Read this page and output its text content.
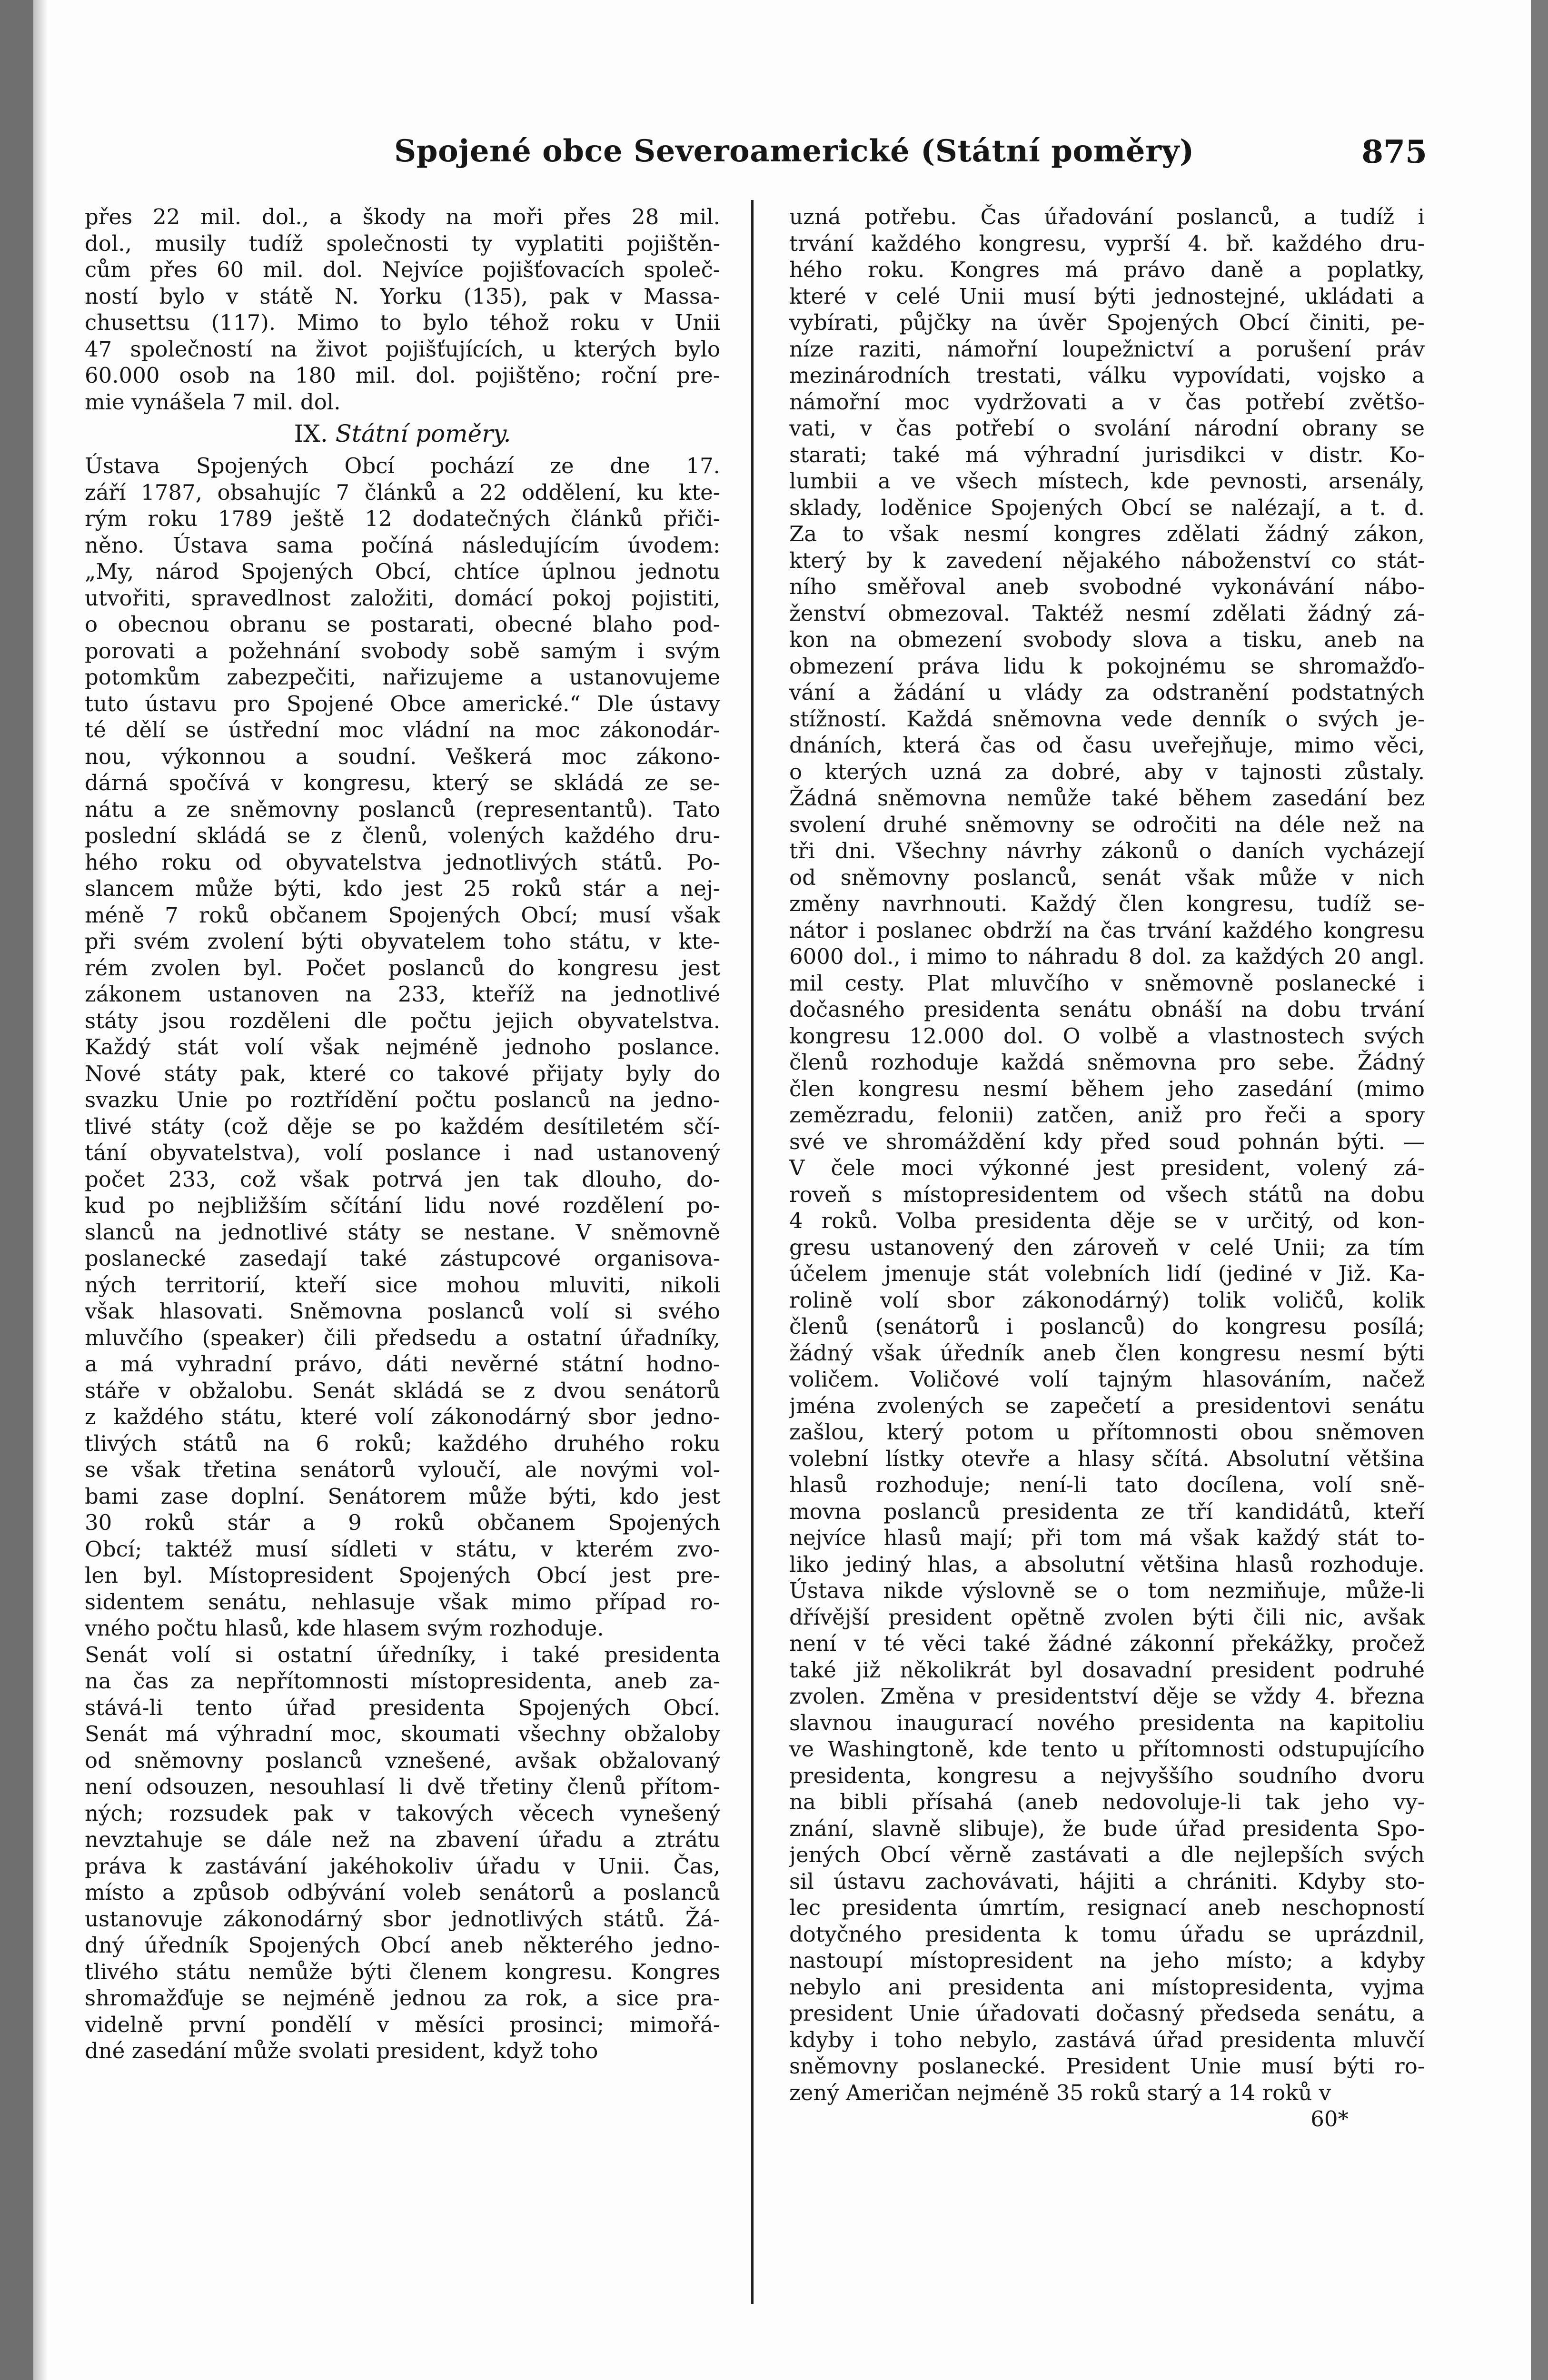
Spojené obce Severoamerické (Státní poměry)	875
přes 22 mil. dol., a škody na moři přes 28 mil.
dol., musily tudíž společnosti ty vyplatiti pojištěn-
cům přes 60 mil. dol. Nejvíce pojišťovacích společ-
ností bylo v státě N. Yorku (135), pak v Massa-
chusettsu (117). Mimo to bylo téhož roku v Unii
47 společností na život pojišťujících, u kterých bylo
60.000 osob na 180 mil. dol. pojištěno; roční pre-
mie vynášela 7 mil. dol.
IX. Státní poměry.
Ústava Spojených Obcí pochází ze dne 17.
září 1787, obsahujíc 7 článků a 22 oddělení, ku kte-
rým roku 1789 ještě 12 dodatečných článků přiči-
něno. Ústava sama počíná následujícím úvodem:
„My, národ Spojených Obcí, chtíce úplnou jednotu
utvořiti, spravedlnost založiti, domácí pokoj pojistiti,
o obecnou obranu se postarati, obecné blaho pod-
porovati a požehnání svobody sobě samým i svým
potomkům zabezpečiti, nařizujeme a ustanovujeme
tuto ústavu pro Spojené Obce americké.“ Dle ústavy
té dělí se ústřední moc vládní na moc zákonodár-
nou, výkonnou a soudní. Veškerá moc zákono-
dárná spočívá v kongresu, který se skládá ze se-
nátu a ze sněmovny poslanců (representantů). Tato
poslední skládá se z členů, volených každého dru-
hého roku od obyvatelstva jednotlivých států. Po-
slancem může býti, kdo jest 25 roků stár a nej-
méně 7 roků občanem Spojených Obcí; musí však
při svém zvolení býti obyvatelem toho státu, v kte-
rém zvolen byl. Počet poslanců do kongresu jest
zákonem ustanoven na 233, kteříž na jednotlivé
státy jsou rozděleni dle počtu jejich obyvatelstva.
Každý stát volí však nejméně jednoho poslance.
Nové státy pak, které co takové přijaty byly do
svazku Unie po roztřídění počtu poslanců na jedno-
tlivé státy (což děje se po každém desítiletém sčí-
tání obyvatelstva), volí poslance i nad ustanovený
počet 233, což však potrvá jen tak dlouho, do-
kud po nejbližším sčítání lidu nové rozdělení po-
slanců na jednotlivé státy se nestane. V sněmovně
poslanecké zasedají také zástupcové organisova-
ných territorií, kteří sice mohou mluviti, nikoli
však hlasovati. Sněmovna poslanců volí si svého
mluvčího (speaker) čili předsedu a ostatní úřadníky,
a má vyhradní právo, dáti nevěrné státní hodno-
stáře v obžalobu. Senát skládá se z dvou senátorů
z každého státu, které volí zákonodárný sbor jedno-
tlivých států na 6 roků; každého druhého roku
se však třetina senátorů vyloučí, ale novými vol-
bami zase doplní. Senátorem může býti, kdo jest
30 roků stár a 9 roků občanem Spojených
Obcí; taktéž musí sídleti v státu, v kterém zvo-
len byl. Místopresident Spojených Obcí jest pre-
sidentem senátu, nehlasuje však mimo případ ro-
vného počtu hlasů, kde hlasem svým rozhoduje.
Senát volí si ostatní úředníky, i také presidenta
na čas za nepřítomnosti místopresidenta, aneb za-
stává-li tento úřad presidenta Spojených Obcí.
Senát má výhradní moc, skoumati všechny obžaloby
od sněmovny poslanců vznešené, avšak obžalovaný
není odsouzen, nesouhlasí li dvě třetiny členů přítom-
ných; rozsudek pak v takových věcech vynešený
nevztahuje se dále než na zbavení úřadu a ztrátu
práva k zastávání jakéhokoliv úřadu v Unii. Čas,
místo a způsob odbývání voleb senátorů a poslanců
ustanovuje zákonodárný sbor jednotlivých států. Žá-
dný úředník Spojených Obcí aneb některého jedno-
tlivého státu nemůže býti členem kongresu. Kongres
shromažďuje se nejméně jednou za rok, a sice pra-
videlně první pondělí v měsíci prosinci; mimořá-
dné zasedání může svolati president, když toho
uzná potřebu. Čas úřadování poslanců, a tudíž i
trvání každého kongresu, vyprší 4. bř. každého dru-
hého roku. Kongres má právo daně a poplatky,
které v celé Unii musí býti jednostejné, ukládati a
vybírati, půjčky na úvěr Spojených Obcí činiti, pe-
níze raziti, námořní loupežnictví a porušení práv
mezinárodních trestati, válku vypovídati, vojsko a
námořní moc vydržovati a v čas potřebí zvětšo-
vati, v čas potřebí o svolání národní obrany se
starati; také má výhradní jurisdikci v distr. Ko-
lumbii a ve všech místech, kde pevnosti, arsenály,
sklady, loděnice Spojených Obcí se nalézají, a t. d.
Za to však nesmí kongres zdělati žádný zákon,
který by k zavedení nějakého náboženství co stát-
ního směřoval aneb svobodné vykonávání nábo-
ženství obmezoval. Taktéž nesmí zdělati žádný zá-
kon na obmezení svobody slova a tisku, aneb na
obmezení práva lidu k pokojnému se shromažďo-
vání a žádání u vlády za odstranění podstatných
stížností. Každá sněmovna vede denník o svých je-
dnáních, která čas od času uveřejňuje, mimo věci,
o kterých uzná za dobré, aby v tajnosti zůstaly.
Žádná sněmovna nemůže také během zasedání bez
svolení druhé sněmovny se odročiti na déle než na
tři dni. Všechny návrhy zákonů o daních vycházejí
od sněmovny poslanců, senát však může v nich
změny navrhnouti. Každý člen kongresu, tudíž se-
nátor i poslanec obdrží na čas trvání každého kongresu
6000 dol., i mimo to náhradu 8 dol. za každých 20 angl.
mil cesty. Plat mluvčího v sněmovně poslanecké i
dočasného presidenta senátu obnáší na dobu trvání
kongresu 12.000 dol. O volbě a vlastnostech svých
členů rozhoduje každá sněmovna pro sebe. Žádný
člen kongresu nesmí během jeho zasedání (mimo
zemězradu, felonii) zatčen, aniž pro řeči a spory
své ve shromáždění kdy před soud pohnán býti. —
V čele moci výkonné jest president, volený zá-
roveň s místopresidentem od všech států na dobu
4 roků. Volba presidenta děje se v určitý, od kon-
gresu ustanovený den zároveň v celé Unii; za tím
účelem jmenuje stát volebních lidí (jediné v Již. Ka-
rolině volí sbor zákonodárný) tolik voličů, kolik
členů (senátorů i poslanců) do kongresu posílá;
žádný však úředník aneb člen kongresu nesmí býti
voličem. Voličové volí tajným hlasováním, načež
jména zvolených se zapečetí a presidentovi senátu
zašlou, který potom u přítomnosti obou sněmoven
volební lístky otevře a hlasy sčítá. Absolutní většina
hlasů rozhoduje; není-li tato docílena, volí sně-
movna poslanců presidenta ze tří kandidátů, kteří
nejvíce hlasů mají; při tom má však každý stát to-
liko jediný hlas, a absolutní většina hlasů rozhoduje.
Ústava nikde výslovně se o tom nezmiňuje, může-li
dřívější president opětně zvolen býti čili nic, avšak
není v té věci také žádné zákonní překážky, pročež
také již několikrát byl dosavadní president podruhé
zvolen. Změna v presidentství děje se vždy 4. března
slavnou inaugurací nového presidenta na kapitoliu
ve Washingtoně, kde tento u přítomnosti odstupujícího
presidenta, kongresu a nejvyššího soudního dvoru
na bibli přísahá (aneb nedovoluje-li tak jeho vy-
znání, slavně slibuje), že bude úřad presidenta Spo-
jených Obcí věrně zastávati a dle nejlepších svých
sil ústavu zachovávati, hájiti a chrániti. Kdyby sto-
lec presidenta úmrtím, resignací aneb neschopností
dotyčného presidenta k tomu úřadu se uprázdnil,
nastoupí místopresident na jeho místo; a kdyby
nebylo ani presidenta ani místopresidenta, vyjma
president Unie úřadovati dočasný předseda senátu, a
kdyby i toho nebylo, zastává úřad presidenta mluvčí
sněmovny poslanecké. President Unie musí býti ro-
zený Američan nejméně 35 roků starý a 14 roků v
60*
